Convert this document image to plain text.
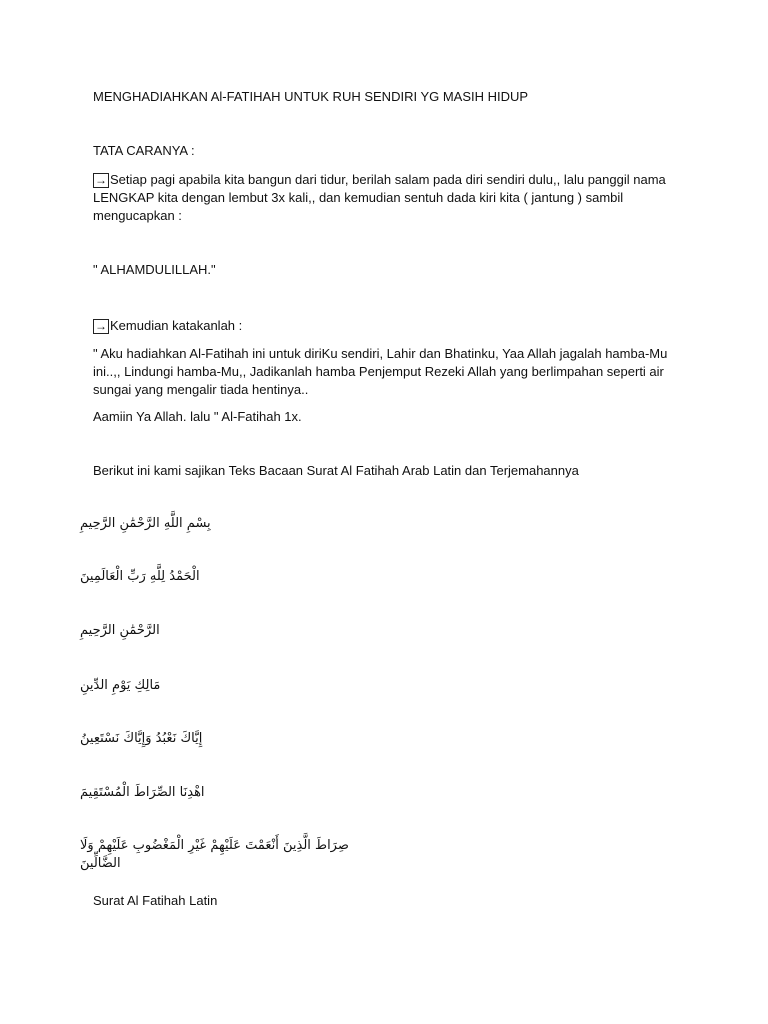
MENGHADIAHKAN Al-FATIHAH UNTUK RUH SENDIRI YG MASIH HIDUP
TATA CARANYA :
→ Setiap pagi apabila kita bangun dari tidur, berilah salam pada diri sendiri dulu,, lalu panggil nama LENGKAP kita dengan lembut 3x kali,, dan kemudian sentuh dada kiri kita ( jantung ) sambil mengucapkan :
" ALHAMDULILLAH."
→ Kemudian katakanlah :
" Aku hadiahkan Al-Fatihah ini untuk diriKu sendiri, Lahir dan Bhatinku, Yaa Allah jagalah hamba-Mu ini..,, Lindungi hamba-Mu,, Jadikanlah hamba Penjemput Rezeki Allah yang berlimpahan seperti air sungai yang mengalir tiada hentinya..
Aamiin Ya Allah. lalu " Al-Fatihah 1x.
Berikut ini kami sajikan Teks Bacaan Surat Al Fatihah Arab Latin dan Terjemahannya
بِسْمِ اللَّهِ الرَّحْمَٰنِ الرَّحِيمِ
الْحَمْدُ لِلَّهِ رَبِّ الْعَالَمِينَ
الرَّحْمَٰنِ الرَّحِيمِ
مَالِكِ يَوْمِ الدِّينِ
إِيَّاكَ نَعْبُدُ وَإِيَّاكَ نَسْتَعِينُ
اهْدِنَا الصِّرَاطَ الْمُسْتَقِيمَ
صِرَاطَ الَّذِينَ أَنْعَمْتَ عَلَيْهِمْ غَيْرِ الْمَغْضُوبِ عَلَيْهِمْ وَلَا الضَّالِّينَ
Surat Al Fatihah Latin
